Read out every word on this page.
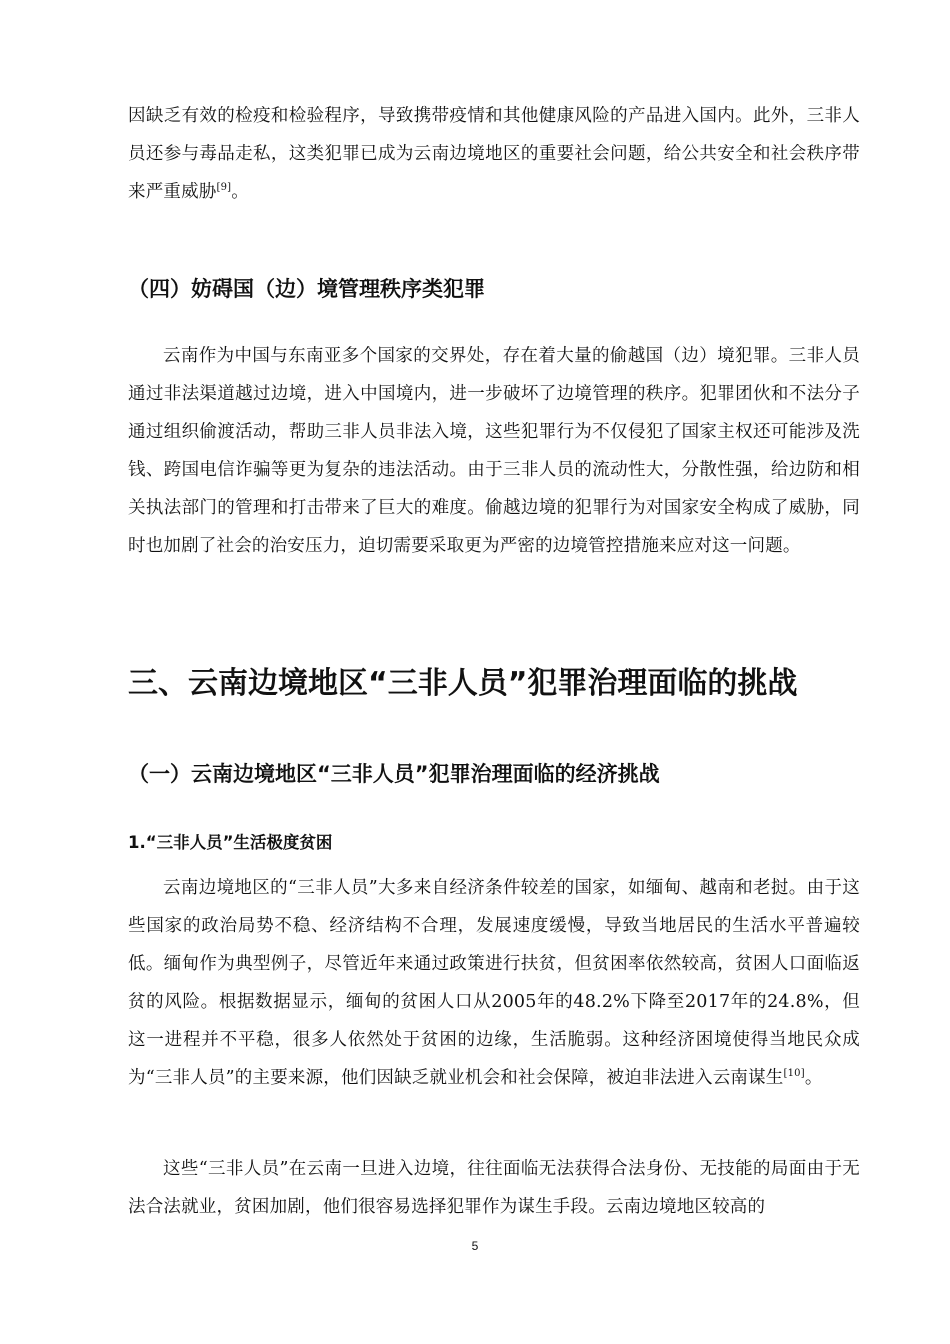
因缺乏有效的检疫和检验程序，导致携带疫情和其他健康风险的产品进入国内。此外，三非人员还参与毒品走私，这类犯罪已成为云南边境地区的重要社会问题，给公共安全和社会秩序带来严重威胁[9]。

（四）妨碍国（边）境管理秩序类犯罪

云南作为中国与东南亚多个国家的交界处，存在着大量的偷越国（边）境犯罪。三非人员通过非法渠道越过边境，进入中国境内，进一步破坏了边境管理的秩序。犯罪团伙和不法分子通过组织偷渡活动，帮助三非人员非法入境，这些犯罪行为不仅侵犯了国家主权还可能涉及洗钱、跨国电信诈骗等更为复杂的违法活动。由于三非人员的流动性大，分散性强，给边防和相关执法部门的管理和打击带来了巨大的难度。偷越边境的犯罪行为对国家安全构成了威胁，同时也加剧了社会的治安压力，迫切需要采取更为严密的边境管控措施来应对这一问题。

三、云南边境地区“三非人员”犯罪治理面临的挑战
（一）云南边境地区“三非人员”犯罪治理面临的经济挑战
1.“三非人员”生活极度贫困

云南边境地区的“三非人员”大多来自经济条件较差的国家，如缅甸、越南和老挝。由于这些国家的政治局势不稳、经济结构不合理，发展速度缓慢，导致当地居民的生活水平普遍较低。缅甸作为典型例子，尽管近年来通过政策进行扶贫，但贫困率依然较高，贫困人口面临返贫的风险。根据数据显示，缅甸的贫困人口从2005年的48.2%下降至2017年的24.8%，但这一进程并不平稳，很多人依然处于贫困的边缘，生活脆弱。这种经济困境使得当地民众成为“三非人员”的主要来源，他们因缺乏就业机会和社会保障，被迫非法进入云南谋生[10]。

这些“三非人员”在云南一旦进入边境，往往面临无法获得合法身份、无技能的局面由于无法合法就业，贫困加剧，他们很容易选择犯罪作为谋生手段。云南边境地区较高的

5
